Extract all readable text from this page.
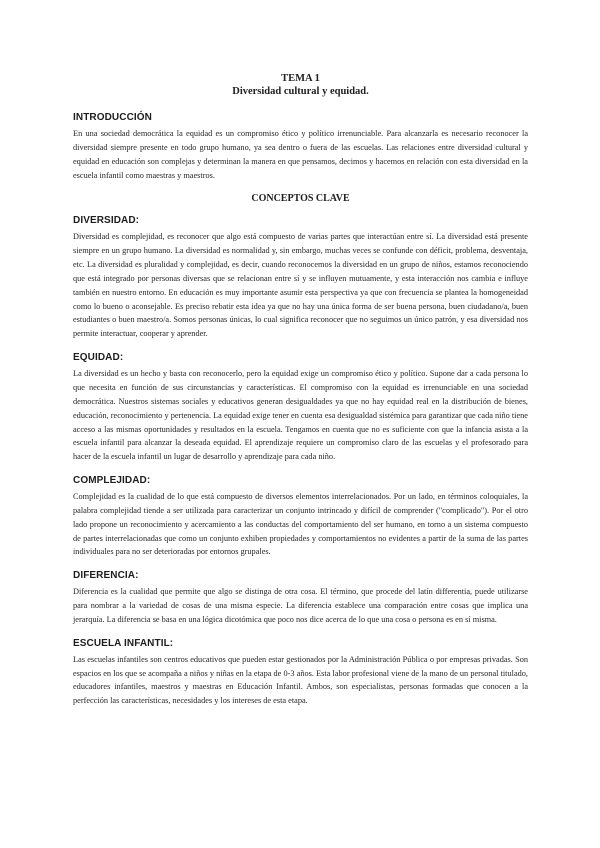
TEMA 1

Diversidad cultural y equidad.

INTRODUCCIÓN

En una sociedad democrática la equidad es un compromiso ético y político irrenunciable. Para alcanzarla es necesario reconocer la diversidad siempre presente en todo grupo humano, ya sea dentro o fuera de las escuelas. Las relaciones entre diversidad cultural y equidad en educación son complejas y determinan la manera en que pensamos, decimos y hacemos en relación con esta diversidad en la escuela infantil como maestras y maestros.

CONCEPTOS CLAVE

DIVERSIDAD:

Diversidad es complejidad, es reconocer que algo está compuesto de varias partes que interactúan entre sí. La diversidad está presente siempre en un grupo humano. La diversidad es normalidad y, sin embargo, muchas veces se confunde con déficit, problema, desventaja, etc. La diversidad es pluralidad y complejidad, es decir, cuando reconocemos la diversidad en un grupo de niños, estamos reconociendo que está integrado por personas diversas que se relacionan entre sí y se influyen mutuamente, y esta interacción nos cambia e influye también en nuestro entorno. En educación es muy importante asumir esta perspectiva ya que con frecuencia se plantea la homogeneidad como lo bueno o aconsejable. Es preciso rebatir esta idea ya que no hay una única forma de ser buena persona, buen ciudadano/a, buen estudiantes o buen maestro/a. Somos personas únicas, lo cual significa reconocer que no seguimos un único patrón, y esa diversidad nos permite interactuar, cooperar y aprender.

EQUIDAD:

La diversidad es un hecho y basta con reconocerlo, pero la equidad exige un compromiso ético y político. Supone dar a cada persona lo que necesita en función de sus circunstancias y características. El compromiso con la equidad es irrenunciable en una sociedad democrática. Nuestros sistemas sociales y educativos generan desigualdades ya que no hay equidad real en la distribución de bienes, educación, reconocimiento y pertenencia. La equidad exige tener en cuenta esa desigualdad sistémica para garantizar que cada niño tiene acceso a las mismas oportunidades y resultados en la escuela. Tengamos en cuenta que no es suficiente con que la infancia asista a la escuela infantil para alcanzar la deseada equidad. El aprendizaje requiere un compromiso claro de las escuelas y el profesorado para hacer de la escuela infantil un lugar de desarrollo y aprendizaje para cada niño.

COMPLEJIDAD:

Complejidad es la cualidad de lo que está compuesto de diversos elementos interrelacionados. Por un lado, en términos coloquiales, la palabra complejidad tiende a ser utilizada para caracterizar un conjunto intrincado y difícil de comprender ("complicado"). Por el otro lado propone un reconocimiento y acercamiento a las conductas del comportamiento del ser humano, en torno a un sistema compuesto de partes interrelacionadas que como un conjunto exhiben propiedades y comportamientos no evidentes a partir de la suma de las partes individuales para no ser deterioradas por entornos grupales.

DIFERENCIA:

Diferencia es la cualidad que permite que algo se distinga de otra cosa. El término, que procede del latín differentia, puede utilizarse para nombrar a la variedad de cosas de una misma especie. La diferencia establece una comparación entre cosas que implica una jerarquía. La diferencia se basa en una lógica dicotómica que poco nos dice acerca de lo que una cosa o persona es en sí misma.

ESCUELA INFANTIL:

Las escuelas infantiles son centros educativos que pueden estar gestionados por la Administración Pública o por empresas privadas. Son espacios en los que se acompaña a niños y niñas en la etapa de 0-3 años. Esta labor profesional viene de la mano de un personal titulado, educadores infantiles, maestros y maestras en Educación Infantil. Ambos, son especialistas, personas formadas que conocen a la perfección las características, necesidades y los intereses de esta etapa.
